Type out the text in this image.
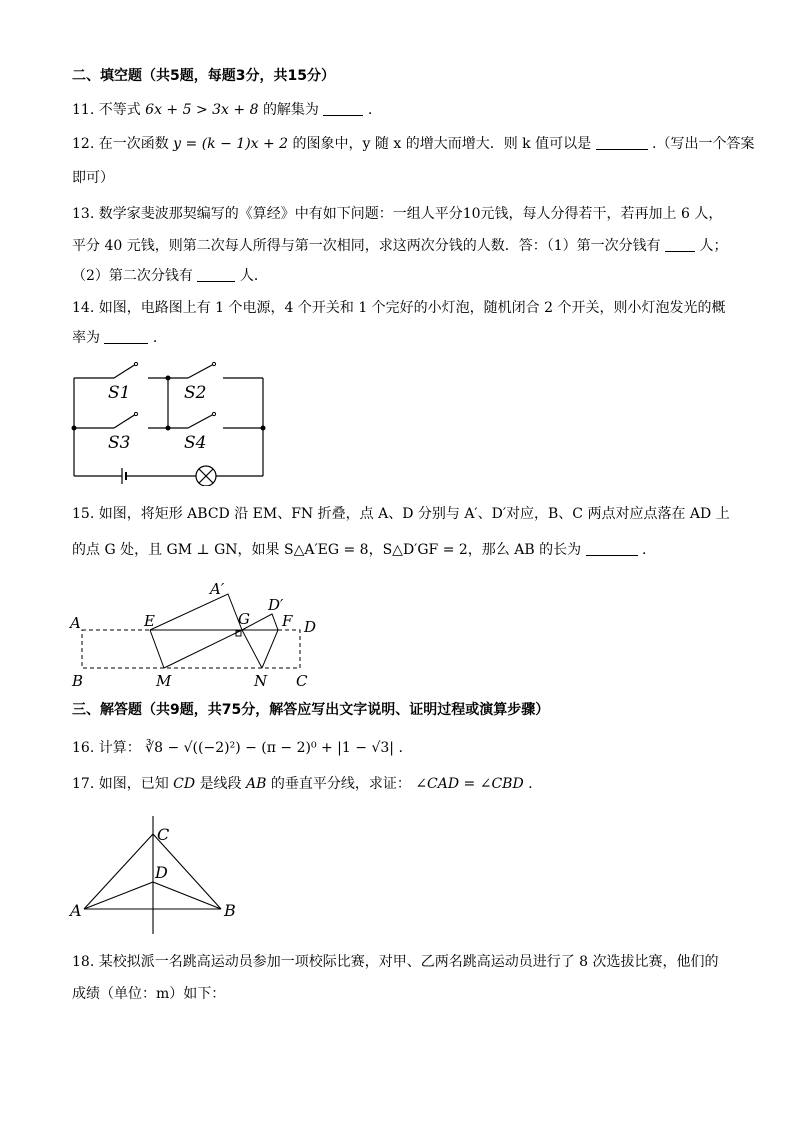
二、填空题（共5题，每题3分，共15分）
11. 不等式 6x + 5 > 3x + 8 的解集为	.
12. 在一次函数 y = (k − 1)x + 2 的图象中，y 随 x 的增大而增大．则 k 值可以是	.（写出一个答案
即可）
13. 数学家斐波那契编写的《算经》中有如下问题：一组人平分10元钱，每人分得若干，若再加上 6 人，
平分 40 元钱，则第二次每人所得与第一次相同，求这两次分钱的人数．答：（1）第一次分钱有	人；
（2）第二次分钱有	人．
14. 如图，电路图上有 1 个电源，4 个开关和 1 个完好的小灯泡，随机闭合 2 个开关，则小灯泡发光的概
率为	.
S1	S2
S3	S4
15. 如图，将矩形 ABCD 沿 EM、FN 折叠，点 A、D 分别与 A′、D′对应，B、C 两点对应点落在 AD 上
的点 G 处，且 GM ⊥ GN，如果 S△A′EG = 8，S△D′GF = 2，那么 AB 的长为	.
A
B	C
D
E	F
G
M	N
A′
D′
三、解答题（共9题，共75分，解答应写出文字说明、证明过程或演算步骤）
16. 计算： ∛8 − √((−2)²) − (π − 2)⁰ + |1 − √3| .
17. 如图，已知 CD 是线段 AB 的垂直平分线，求证： ∠CAD = ∠CBD .
A	B
C
D
18. 某校拟派一名跳高运动员参加一项校际比赛，对甲、乙两名跳高运动员进行了 8 次选拔比赛，他们的
成绩（单位：m）如下：
